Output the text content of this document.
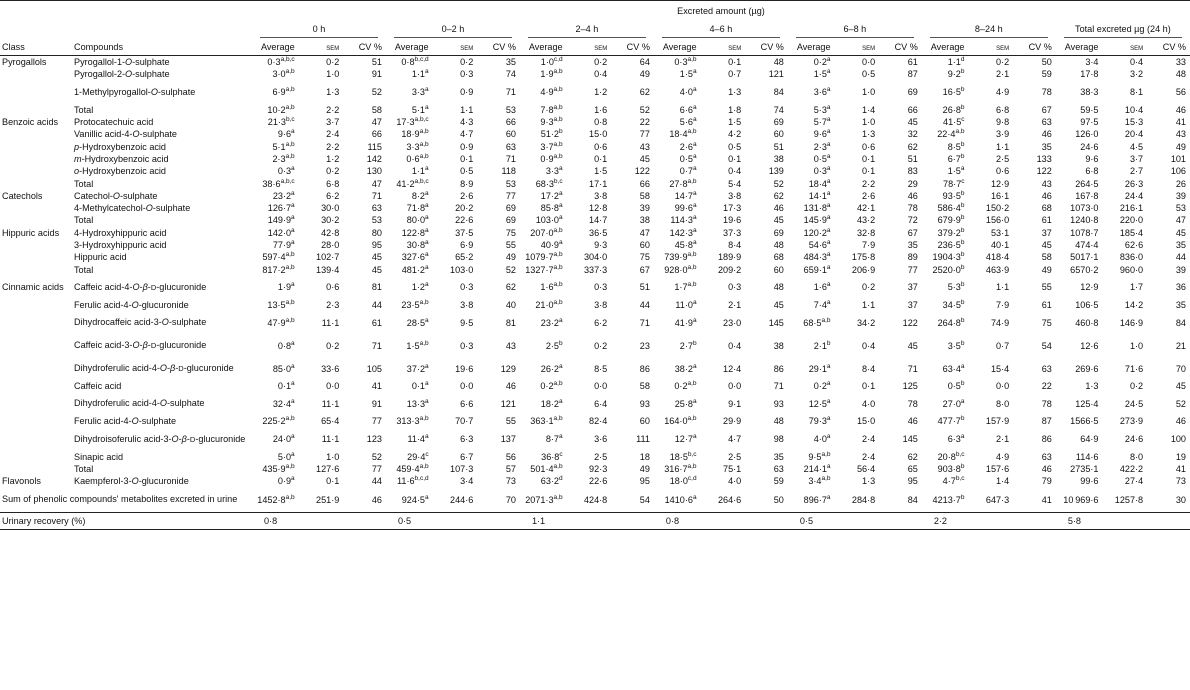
		Excreted amount (µg)																				

		0 h			0–2 h			2–4 h			4–6 h			6–8 h			8–24 h			Total excreted µg (24 h)		

Class	Compounds	Average	sem	CV %	Average	sem	CV %	Average	sem	CV %	Average	sem	CV %	Average	sem	CV %	Average	sem	CV %	Average	sem	CV %
Pyrogallols	Pyrogallol-1-O-sulphate	$0\cdot 3^{a,b,c}$	0·2	51	$0\cdot 8^{b,c,d}$	0·2	35	$1\cdot 0^{c,d}$	0·2	64	$0\cdot 3^{a,b}$	0·1	48	$0\cdot 2^a$	0·0	61	$1\cdot 1^d$	0·2	50	3·4	0·4	33
	Pyrogallol-2-O-sulphate	$3\cdot 0^{a,b}$	1·0	91	$1\cdot 1^a$	0·3	74	$1\cdot 9^{a,b}$	0·4	49	$1\cdot 5^a$	0·7	121	$1\cdot 5^a$	0·5	87	$9\cdot 2^b$	2·1	59	17·8	3·2	48
	1-Methylpyrogallol-O-sulphate	$6\cdot 9^{a,b}$	1·3	52	$3\cdot 3^a$	0·9	71	$4\cdot 9^{a,b}$	1·2	62	$4\cdot 0^a$	1·3	84	$3\cdot 6^a$	1·0	69	$16\cdot 5^b$	4·9	78	38·3	8·1	56
	Total	$10\cdot 2^{a,b}$	2·2	58	$5\cdot 1^a$	1·1	53	$7\cdot 8^{a,b}$	1·6	52	$6\cdot 6^a$	1·8	74	$5\cdot 3^a$	1·4	66	$26\cdot 8^b$	6·8	67	59·5	10·4	46
Benzoic acids	Protocatechuic acid	$21\cdot 3^{b,c}$	3·7	47	$17\cdot 3^{a,b,c}$	4·3	66	$9\cdot 3^{a,b}$	0·8	22	$5\cdot 6^a$	1·5	69	$5\cdot 7^a$	1·0	45	$41\cdot 5^c$	9·8	63	97·5	15·3	41
	Vanillic acid-4-O-sulphate	$9\cdot 6^a$	2·4	66	$18\cdot 9^{a,b}$	4·7	60	$51\cdot 2^b$	15·0	77	$18\cdot 4^{a,b}$	4·2	60	$9\cdot 6^a$	1·3	32	$22\cdot 4^{a,b}$	3·9	46	126·0	20·4	43
	p-Hydroxybenzoic acid	$5\cdot 1^{a,b}$	2·2	115	$3\cdot 3^{a,b}$	0·9	63	$3\cdot 7^{a,b}$	0·6	43	$2\cdot 6^a$	0·5	51	$2\cdot 3^a$	0·6	62	$8\cdot 5^b$	1·1	35	24·6	4·5	49
	m-Hydroxybenzoic acid	$2\cdot 3^{a,b}$	1·2	142	$0\cdot 6^{a,b}$	0·1	71	$0\cdot 9^{a,b}$	0·1	45	$0\cdot 5^a$	0·1	38	$0\cdot 5^a$	0·1	51	$6\cdot 7^b$	2·5	133	9·6	3·7	101
	o-Hydroxybenzoic acid	$0\cdot 3^a$	0·2	130	$1\cdot 1^a$	0·5	118	$3\cdot 3^a$	1·5	122	$0\cdot 7^a$	0·4	139	$0\cdot 3^a$	0·1	83	$1\cdot 5^a$	0·6	122	6·8	2·7	106
	Total	$38\cdot 6^{a,b,c}$	6·8	47	$41\cdot 2^{a,b,c}$	8·9	53	$68\cdot 3^{b,c}$	17·1	66	$27\cdot 8^{a,b}$	5·4	52	$18\cdot 4^a$	2·2	29	$78\cdot 7^c$	12·9	43	264·5	26·3	26
Catechols	Catechol-O-sulphate	$23\cdot 2^a$	6·2	71	$8\cdot 2^a$	2·6	77	$17\cdot 2^a$	3·8	58	$14\cdot 7^a$	3·8	62	$14\cdot 1^a$	2·6	46	$93\cdot 5^b$	16·1	46	167·8	24·4	39
	4-Methylcatechol-O-sulphate	$126\cdot 7^a$	30·0	63	$71\cdot 8^a$	20·2	69	$85\cdot 8^a$	12·8	39	$99\cdot 6^a$	17·3	46	$131\cdot 8^a$	42·1	78	$586\cdot 4^b$	150·2	68	1073·0	216·1	53
	Total	$149\cdot 9^a$	30·2	53	$80\cdot 0^a$	22·6	69	$103\cdot 0^a$	14·7	38	$114\cdot 3^a$	19·6	45	$145\cdot 9^a$	43·2	72	$679\cdot 9^b$	156·0	61	1240·8	220·0	47
Hippuric acids	4-Hydroxyhippuric acid	$142\cdot 0^a$	42·8	80	$122\cdot 8^a$	37·5	75	$207\cdot 0^{a,b}$	36·5	47	$142\cdot 3^a$	37·3	69	$120\cdot 2^a$	32·8	67	$379\cdot 2^b$	53·1	37	1078·7	185·4	45
	3-Hydroxyhippuric acid	$77\cdot 9^a$	28·0	95	$30\cdot 8^a$	6·9	55	$40\cdot 9^a$	9·3	60	$45\cdot 8^a$	8·4	48	$54\cdot 6^a$	7·9	35	$236\cdot 5^b$	40·1	45	474·4	62·6	35
	Hippuric acid	$597\cdot 4^{a,b}$	102·7	45	$327\cdot 6^a$	65·2	49	$1079\cdot 7^{a,b}$	304·0	75	$739\cdot 9^{a,b}$	189·9	68	$484\cdot 3^a$	175·8	89	$1904\cdot 3^b$	418·4	58	5017·1	836·0	44
	Total	$817\cdot 2^{a,b}$	139·4	45	$481\cdot 2^a$	103·0	52	$1327\cdot 7^{a,b}$	337·3	67	$928\cdot 0^{a,b}$	209·2	60	$659\cdot 1^a$	206·9	77	$2520\cdot 0^b$	463·9	49	6570·2	960·0	39
Cinnamic acids	Caffeic acid-4-O-β-D-glucuronide	$1\cdot 9^a$	0·6	81	$1\cdot 2^a$	0·3	62	$1\cdot 6^{a,b}$	0·3	51	$1\cdot 7^{a,b}$	0·3	48	$1\cdot 6^a$	0·2	37	$5\cdot 3^b$	1·1	55	12·9	1·7	36
	Ferulic acid-4-O-glucuronide	$13\cdot 5^{a,b}$	2·3	44	$23\cdot 5^{a,b}$	3·8	40	$21\cdot 0^{a,b}$	3·8	44	$11\cdot 0^a$	2·1	45	$7\cdot 4^a$	1·1	37	$34\cdot 5^b$	7·9	61	106·5	14·2	35
	Dihydrocaffeic acid-3-O-sulphate	$47\cdot 9^{a,b}$	11·1	61	$28\cdot 5^a$	9·5	81	$23\cdot 2^a$	6·2	71	$41\cdot 9^a$	23·0	145	$68\cdot 5^{a,b}$	34·2	122	$264\cdot 8^b$	74·9	75	460·8	146·9	84
	Caffeic acid-3-O-β-D-glucuronide	$0\cdot 8^a$	0·2	71	$1\cdot 5^{a,b}$	0·3	43	$2\cdot 5^b$	0·2	23	$2\cdot 7^b$	0·4	38	$2\cdot 1^b$	0·4	45	$3\cdot 5^b$	0·7	54	12·6	1·0	21
	Dihydroferulic acid-4-O-β-D-glucuronide	$85\cdot 0^a$	33·6	105	$37\cdot 2^a$	19·6	129	$26\cdot 2^a$	8·5	86	$38\cdot 2^a$	12·4	86	$29\cdot 1^a$	8·4	71	$63\cdot 4^a$	15·4	63	269·6	71·6	70
	Caffeic acid	$0\cdot 1^a$	0·0	41	$0\cdot 1^a$	0·0	46	$0\cdot 2^{a,b}$	0·0	58	$0\cdot 2^{a,b}$	0·0	71	$0\cdot 2^a$	0·1	125	$0\cdot 5^b$	0·0	22	1·3	0·2	45
	Dihydroferulic acid-4-O-sulphate	$32\cdot 4^a$	11·1	91	$13\cdot 3^a$	6·6	121	$18\cdot 2^a$	6·4	93	$25\cdot 8^a$	9·1	93	$12\cdot 5^a$	4·0	78	$27\cdot 0^a$	8·0	78	125·4	24·5	52
	Ferulic acid-4-O-sulphate	$225\cdot 2^{a,b}$	65·4	77	$313\cdot 3^{a,b}$	70·7	55	$363\cdot 1^{a,b}$	82·4	60	$164\cdot 0^{a,b}$	29·9	48	$79\cdot 3^a$	15·0	46	$477\cdot 7^b$	157·9	87	1566·5	273·9	46
	Dihydroisoferulic acid-3-O-β-D-glucuronide	$24\cdot 0^a$	11·1	123	$11\cdot 4^a$	6·3	137	$8\cdot 7^a$	3·6	111	$12\cdot 7^a$	4·7	98	$4\cdot 0^a$	2·4	145	$6\cdot 3^a$	2·1	86	64·9	24·6	100
	Sinapic acid	$5\cdot 0^a$	1·0	52	$29\cdot 4^c$	6·7	56	$36\cdot 8^c$	2·5	18	$18\cdot 5^{b,c}$	2·5	35	$9\cdot 5^{a,b}$	2·4	62	$20\cdot 8^{b,c}$	4·9	63	114·6	8·0	19
	Total	$435\cdot 9^{a,b}$	127·6	77	$459\cdot 4^{a,b}$	107·3	57	$501\cdot 4^{a,b}$	92·3	49	$316\cdot 7^{a,b}$	75·1	63	$214\cdot 1^a$	56·4	65	$903\cdot 8^b$	157·6	46	2735·1	422·2	41
Flavonols	Kaempferol-3-O-glucuronide	$0\cdot 9^a$	0·1	44	$11\cdot 6^{b,c,d}$	3·4	73	$63\cdot 2^d$	22·6	95	$18\cdot 0^{c,d}$	4·0	59	$3\cdot 4^{a,b}$	1·3	95	$4\cdot 7^{b,c}$	1·4	79	99·6	27·4	73
Sum of phenolic compounds' metabolites excreted in urine		$1452\cdot 8^{a,b}$	251·9	46	$924\cdot 5^a$	244·6	70	$2071\cdot 3^{a,b}$	424·8	54	$1410\cdot 6^a$	264·6	50	$896\cdot 7^a$	284·8	84	$4213\cdot 7^b$	647·3	41	10 969·6	1257·8	30
Urinary recovery (%)		0·8			0·5			1·1			0·8			0·5			2·2			5·8		
